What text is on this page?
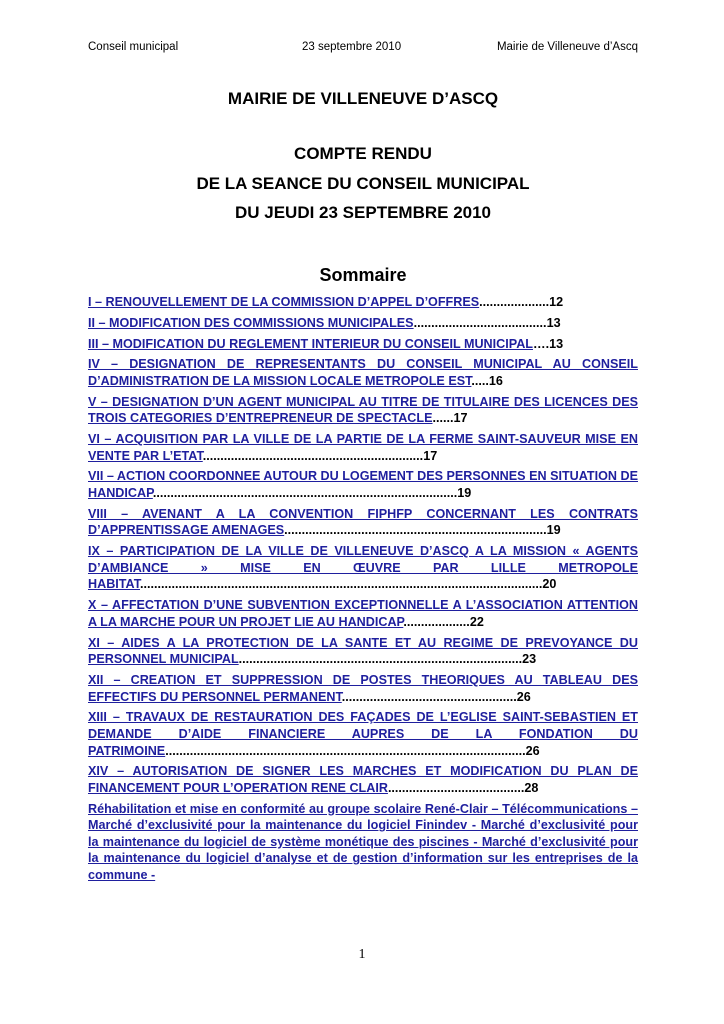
Conseil municipal	23 septembre 2010	Mairie de Villeneuve d’Ascq
MAIRIE DE VILLENEUVE D’ASCQ
COMPTE RENDU
DE LA SEANCE DU CONSEIL MUNICIPAL
DU JEUDI 23 SEPTEMBRE 2010
Sommaire
I – RENOUVELLEMENT DE LA COMMISSION D’APPEL D’OFFRES....................12
II – MODIFICATION DES COMMISSIONS MUNICIPALES......................................13
III – MODIFICATION DU REGLEMENT INTERIEUR DU CONSEIL MUNICIPAL….13
IV – DESIGNATION DE REPRESENTANTS DU CONSEIL MUNICIPAL AU CONSEIL D’ADMINISTRATION DE LA MISSION LOCALE METROPOLE EST.....16
V – DESIGNATION D’UN AGENT MUNICIPAL AU TITRE DE TITULAIRE DES LICENCES DES TROIS CATEGORIES D’ENTREPRENEUR DE SPECTACLE......17
VI – ACQUISITION PAR LA VILLE DE LA PARTIE DE LA FERME SAINT-SAUVEUR MISE EN VENTE PAR L’ETAT...............................................................17
VII – ACTION COORDONNEE AUTOUR DU LOGEMENT DES PERSONNES EN SITUATION DE HANDICAP.......................................................................................19
VIII – AVENANT A LA CONVENTION FIPHFP CONCERNANT LES CONTRATS D’APPRENTISSAGE AMENAGES...........................................................................19
IX – PARTICIPATION DE LA VILLE DE VILLENEUVE D’ASCQ A LA MISSION « AGENTS D’AMBIANCE » MISE EN ŒUVRE PAR LILLE METROPOLE HABITAT...................................................................................................................20
X – AFFECTATION D’UNE SUBVENTION EXCEPTIONNELLE A L’ASSOCIATION ATTENTION A LA MARCHE POUR UN PROJET LIE AU HANDICAP...................22
XI – AIDES A LA PROTECTION DE LA SANTE ET AU REGIME DE PREVOYANCE DU PERSONNEL MUNICIPAL.................................................................................23
XII – CREATION ET SUPPRESSION DE POSTES THEORIQUES AU TABLEAU DES EFFECTIFS DU PERSONNEL PERMANENT..................................................26
XIII – TRAVAUX DE RESTAURATION DES FAÇADES DE L’EGLISE SAINT-SEBASTIEN ET DEMANDE D’AIDE FINANCIERE AUPRES DE LA FONDATION DU PATRIMOINE.......................................................................................................26
XIV – AUTORISATION DE SIGNER LES MARCHES ET MODIFICATION DU PLAN DE FINANCEMENT POUR L’OPERATION RENE CLAIR.......................................28
Réhabilitation et mise en conformité au groupe scolaire René-Clair – Télécommunications – Marché d’exclusivité pour la maintenance du logiciel Finindev - Marché d’exclusivité pour la maintenance du logiciel de système monétique des piscines - Marché d’exclusivité pour la maintenance du logiciel d’analyse et de gestion d’information sur les entreprises de la commune -
1
